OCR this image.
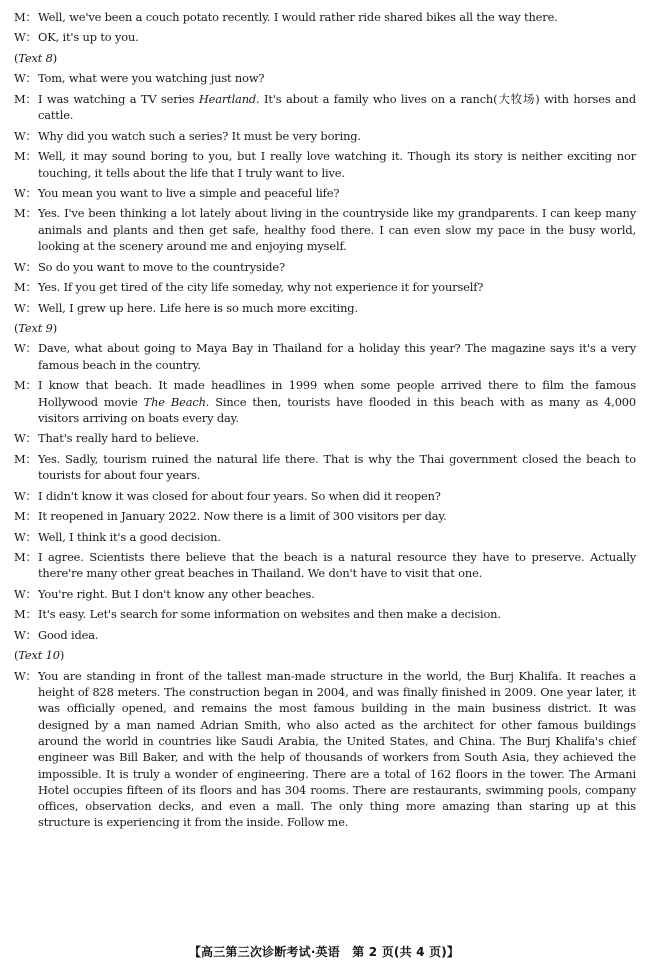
M： Well, we've been a couch potato recently. I would rather ride shared bikes all the way there.
W： OK, it's up to you.
(Text 8)
W： Tom, what were you watching just now?
M： I was watching a TV series Heartland. It's about a family who lives on a ranch(大牧场) with horses and cattle.
W： Why did you watch such a series? It must be very boring.
M： Well, it may sound boring to you, but I really love watching it. Though its story is neither exciting nor touching, it tells about the life that I truly want to live.
W： You mean you want to live a simple and peaceful life?
M： Yes. I've been thinking a lot lately about living in the countryside like my grandparents. I can keep many animals and plants and then get safe, healthy food there. I can even slow my pace in the busy world, looking at the scenery around me and enjoying myself.
W： So do you want to move to the countryside?
M： Yes. If you get tired of the city life someday, why not experience it for yourself?
W： Well, I grew up here. Life here is so much more exciting.
(Text 9)
W： Dave, what about going to Maya Bay in Thailand for a holiday this year? The magazine says it's a very famous beach in the country.
M： I know that beach. It made headlines in 1999 when some people arrived there to film the famous Hollywood movie The Beach. Since then, tourists have flooded in this beach with as many as 4,000 visitors arriving on boats every day.
W： That's really hard to believe.
M： Yes. Sadly, tourism ruined the natural life there. That is why the Thai government closed the beach to tourists for about four years.
W： I didn't know it was closed for about four years. So when did it reopen?
M： It reopened in January 2022. Now there is a limit of 300 visitors per day.
W： Well, I think it's a good decision.
M： I agree. Scientists there believe that the beach is a natural resource they have to preserve. Actually there're many other great beaches in Thailand. We don't have to visit that one.
W： You're right. But I don't know any other beaches.
M： It's easy. Let's search for some information on websites and then make a decision.
W： Good idea.
(Text 10)
W： You are standing in front of the tallest man-made structure in the world, the Burj Khalifa. It reaches a height of 828 meters. The construction began in 2004, and was finally finished in 2009. One year later, it was officially opened, and remains the most famous building in the main business district. It was designed by a man named Adrian Smith, who also acted as the architect for other famous buildings around the world in countries like Saudi Arabia, the United States, and China. The Burj Khalifa's chief engineer was Bill Baker, and with the help of thousands of workers from South Asia, they achieved the impossible. It is truly a wonder of engineering. There are a total of 162 floors in the tower. The Armani Hotel occupies fifteen of its floors and has 304 rooms. There are restaurants, swimming pools, company offices, observation decks, and even a mall. The only thing more amazing than staring up at this structure is experiencing it from the inside. Follow me.
【高三第三次诊断考试·英语　第 2 页(共 4 页)】
